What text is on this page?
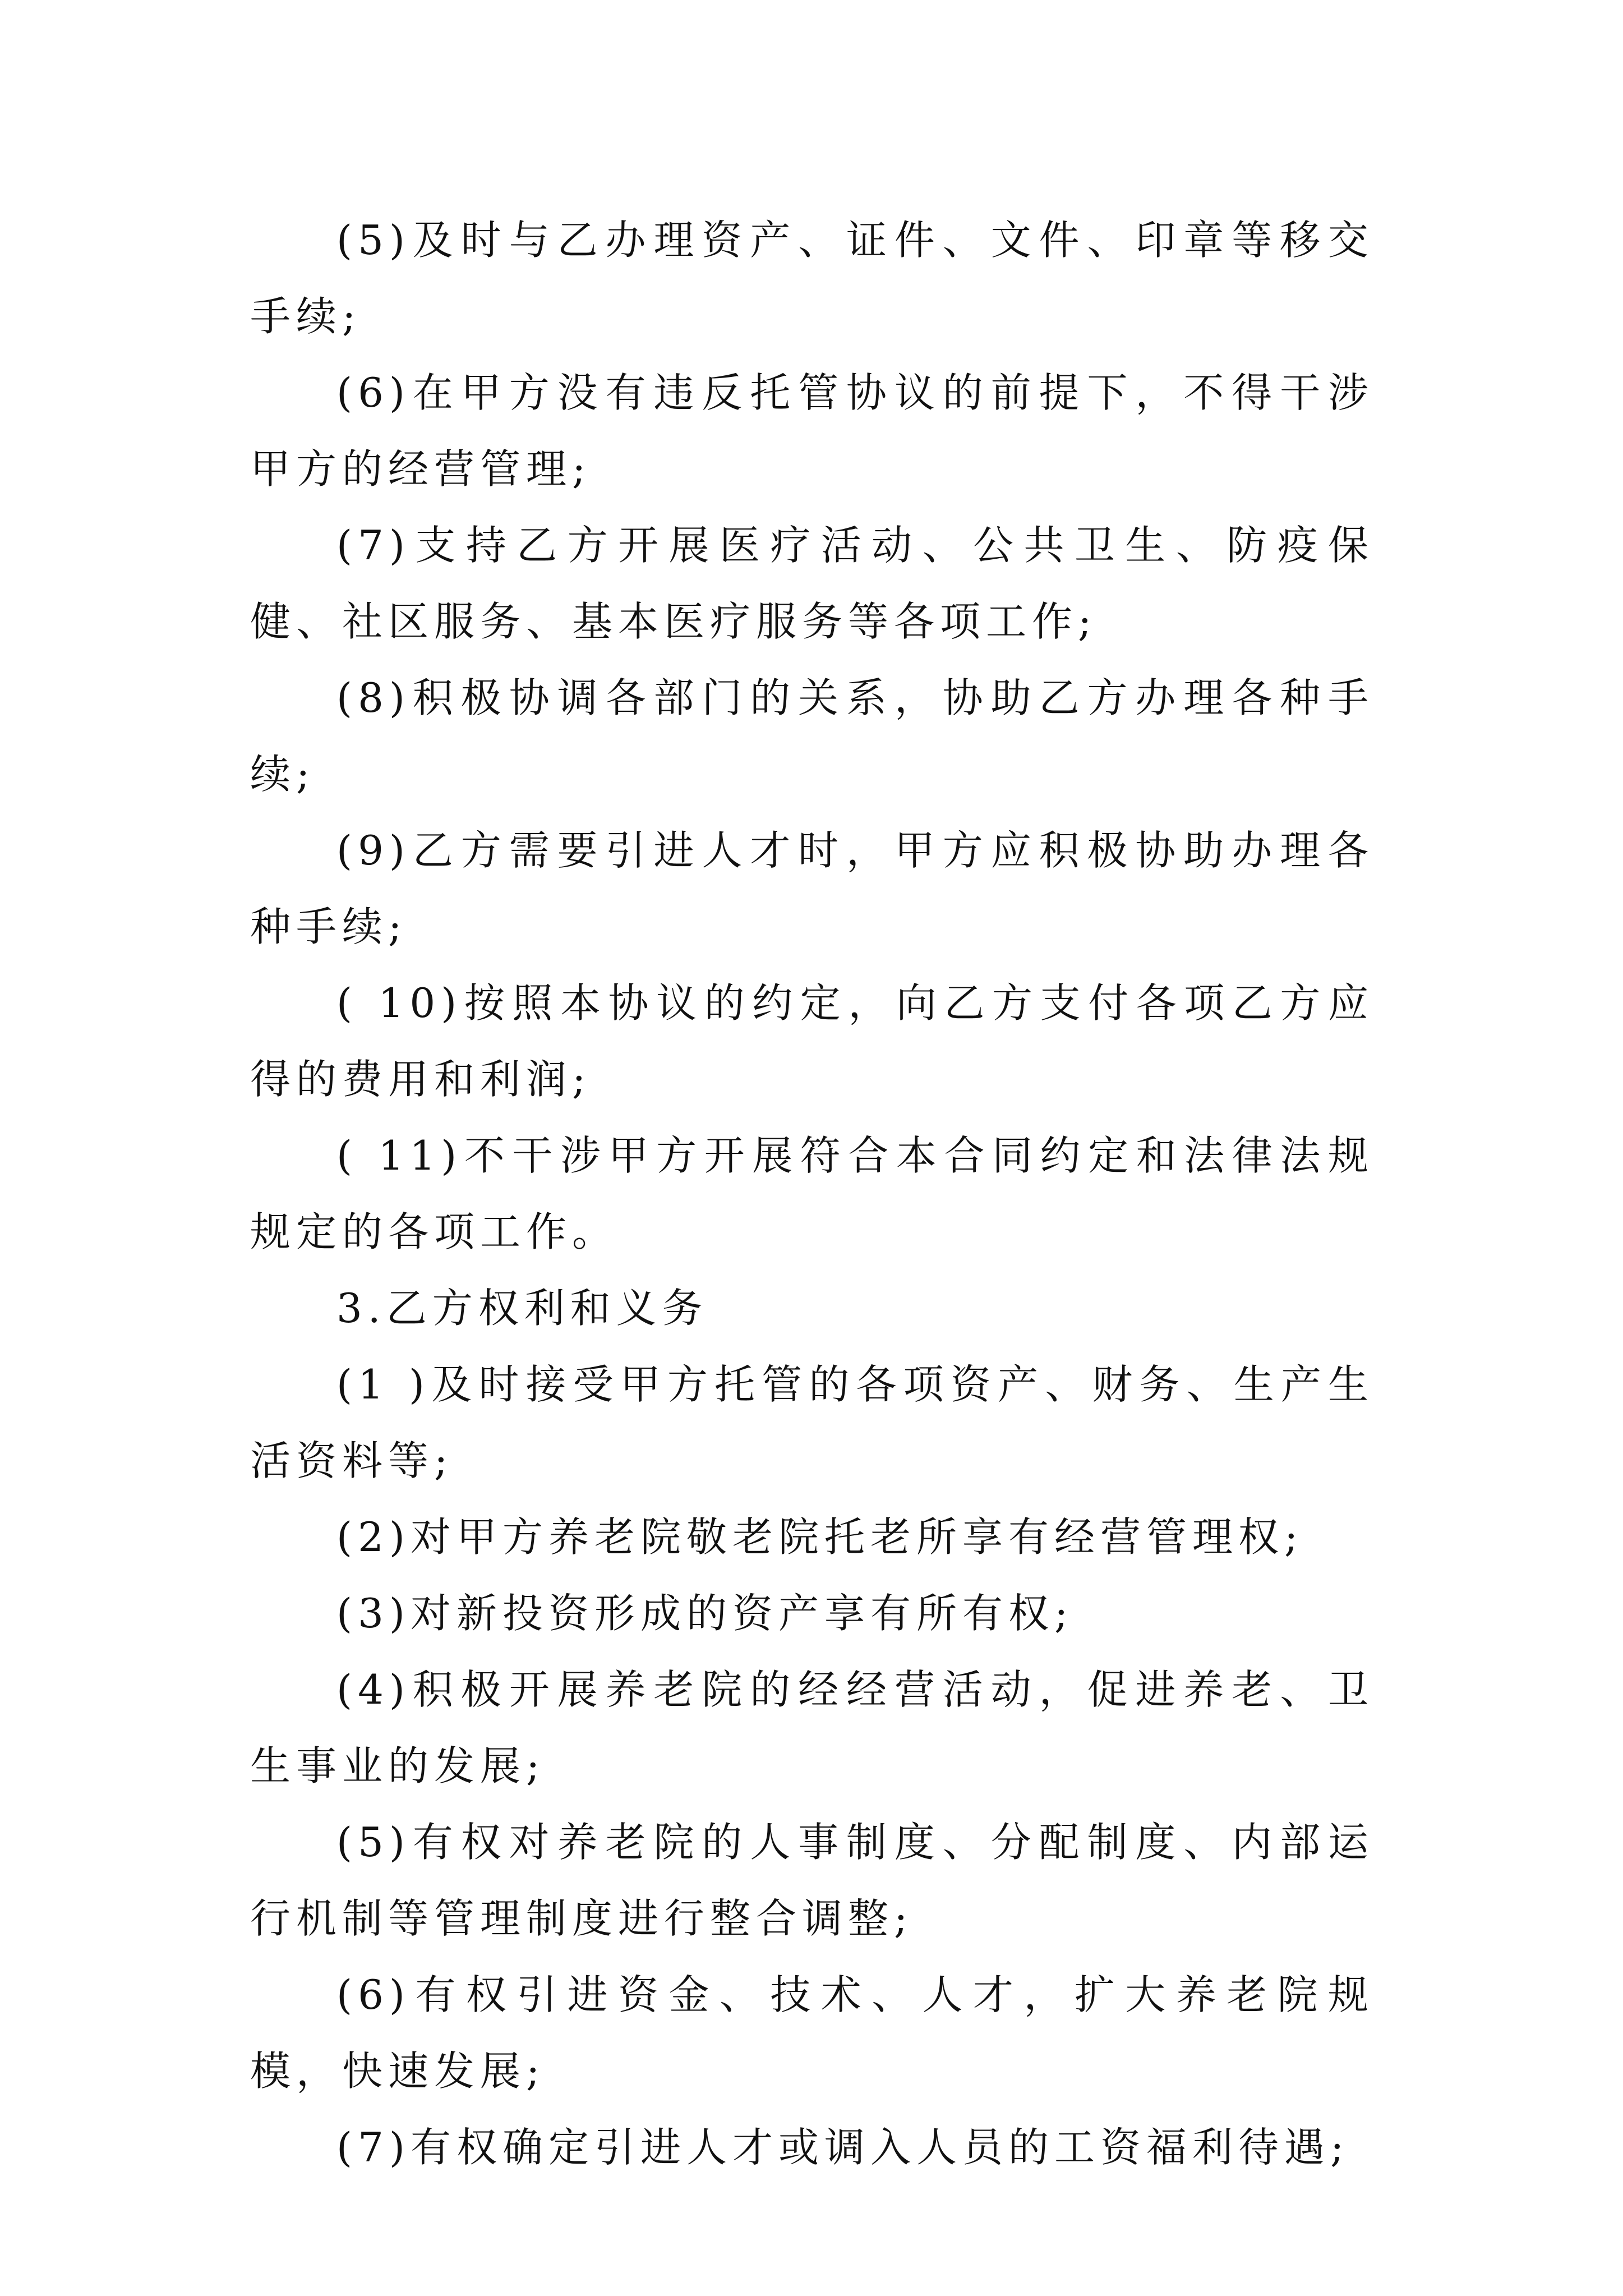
(5)及时与乙办理资产、证件、文件、印章等移交手续;

(6)在甲方没有违反托管协议的前提下，不得干涉甲方的经营管理;

(7)支持乙方开展医疗活动、公共卫生、防疫保健、社区服务、基本医疗服务等各项工作;

(8)积极协调各部门的关系，协助乙方办理各种手续;

(9)乙方需要引进人才时，甲方应积极协助办理各种手续;

( 10)按照本协议的约定，向乙方支付各项乙方应得的费用和利润;

( 11)不干涉甲方开展符合本合同约定和法律法规规定的各项工作。

3.乙方权利和义务

(1 )及时接受甲方托管的各项资产、财务、生产生活资料等;

(2)对甲方养老院敬老院托老所享有经营管理权;

(3)对新投资形成的资产享有所有权;

(4)积极开展养老院的经经营活动，促进养老、卫生事业的发展;

(5)有权对养老院的人事制度、分配制度、内部运行机制等管理制度进行整合调整;

(6)有权引进资金、技术、人才，扩大养老院规模，快速发展;

(7)有权确定引进人才或调入人员的工资福利待遇;
